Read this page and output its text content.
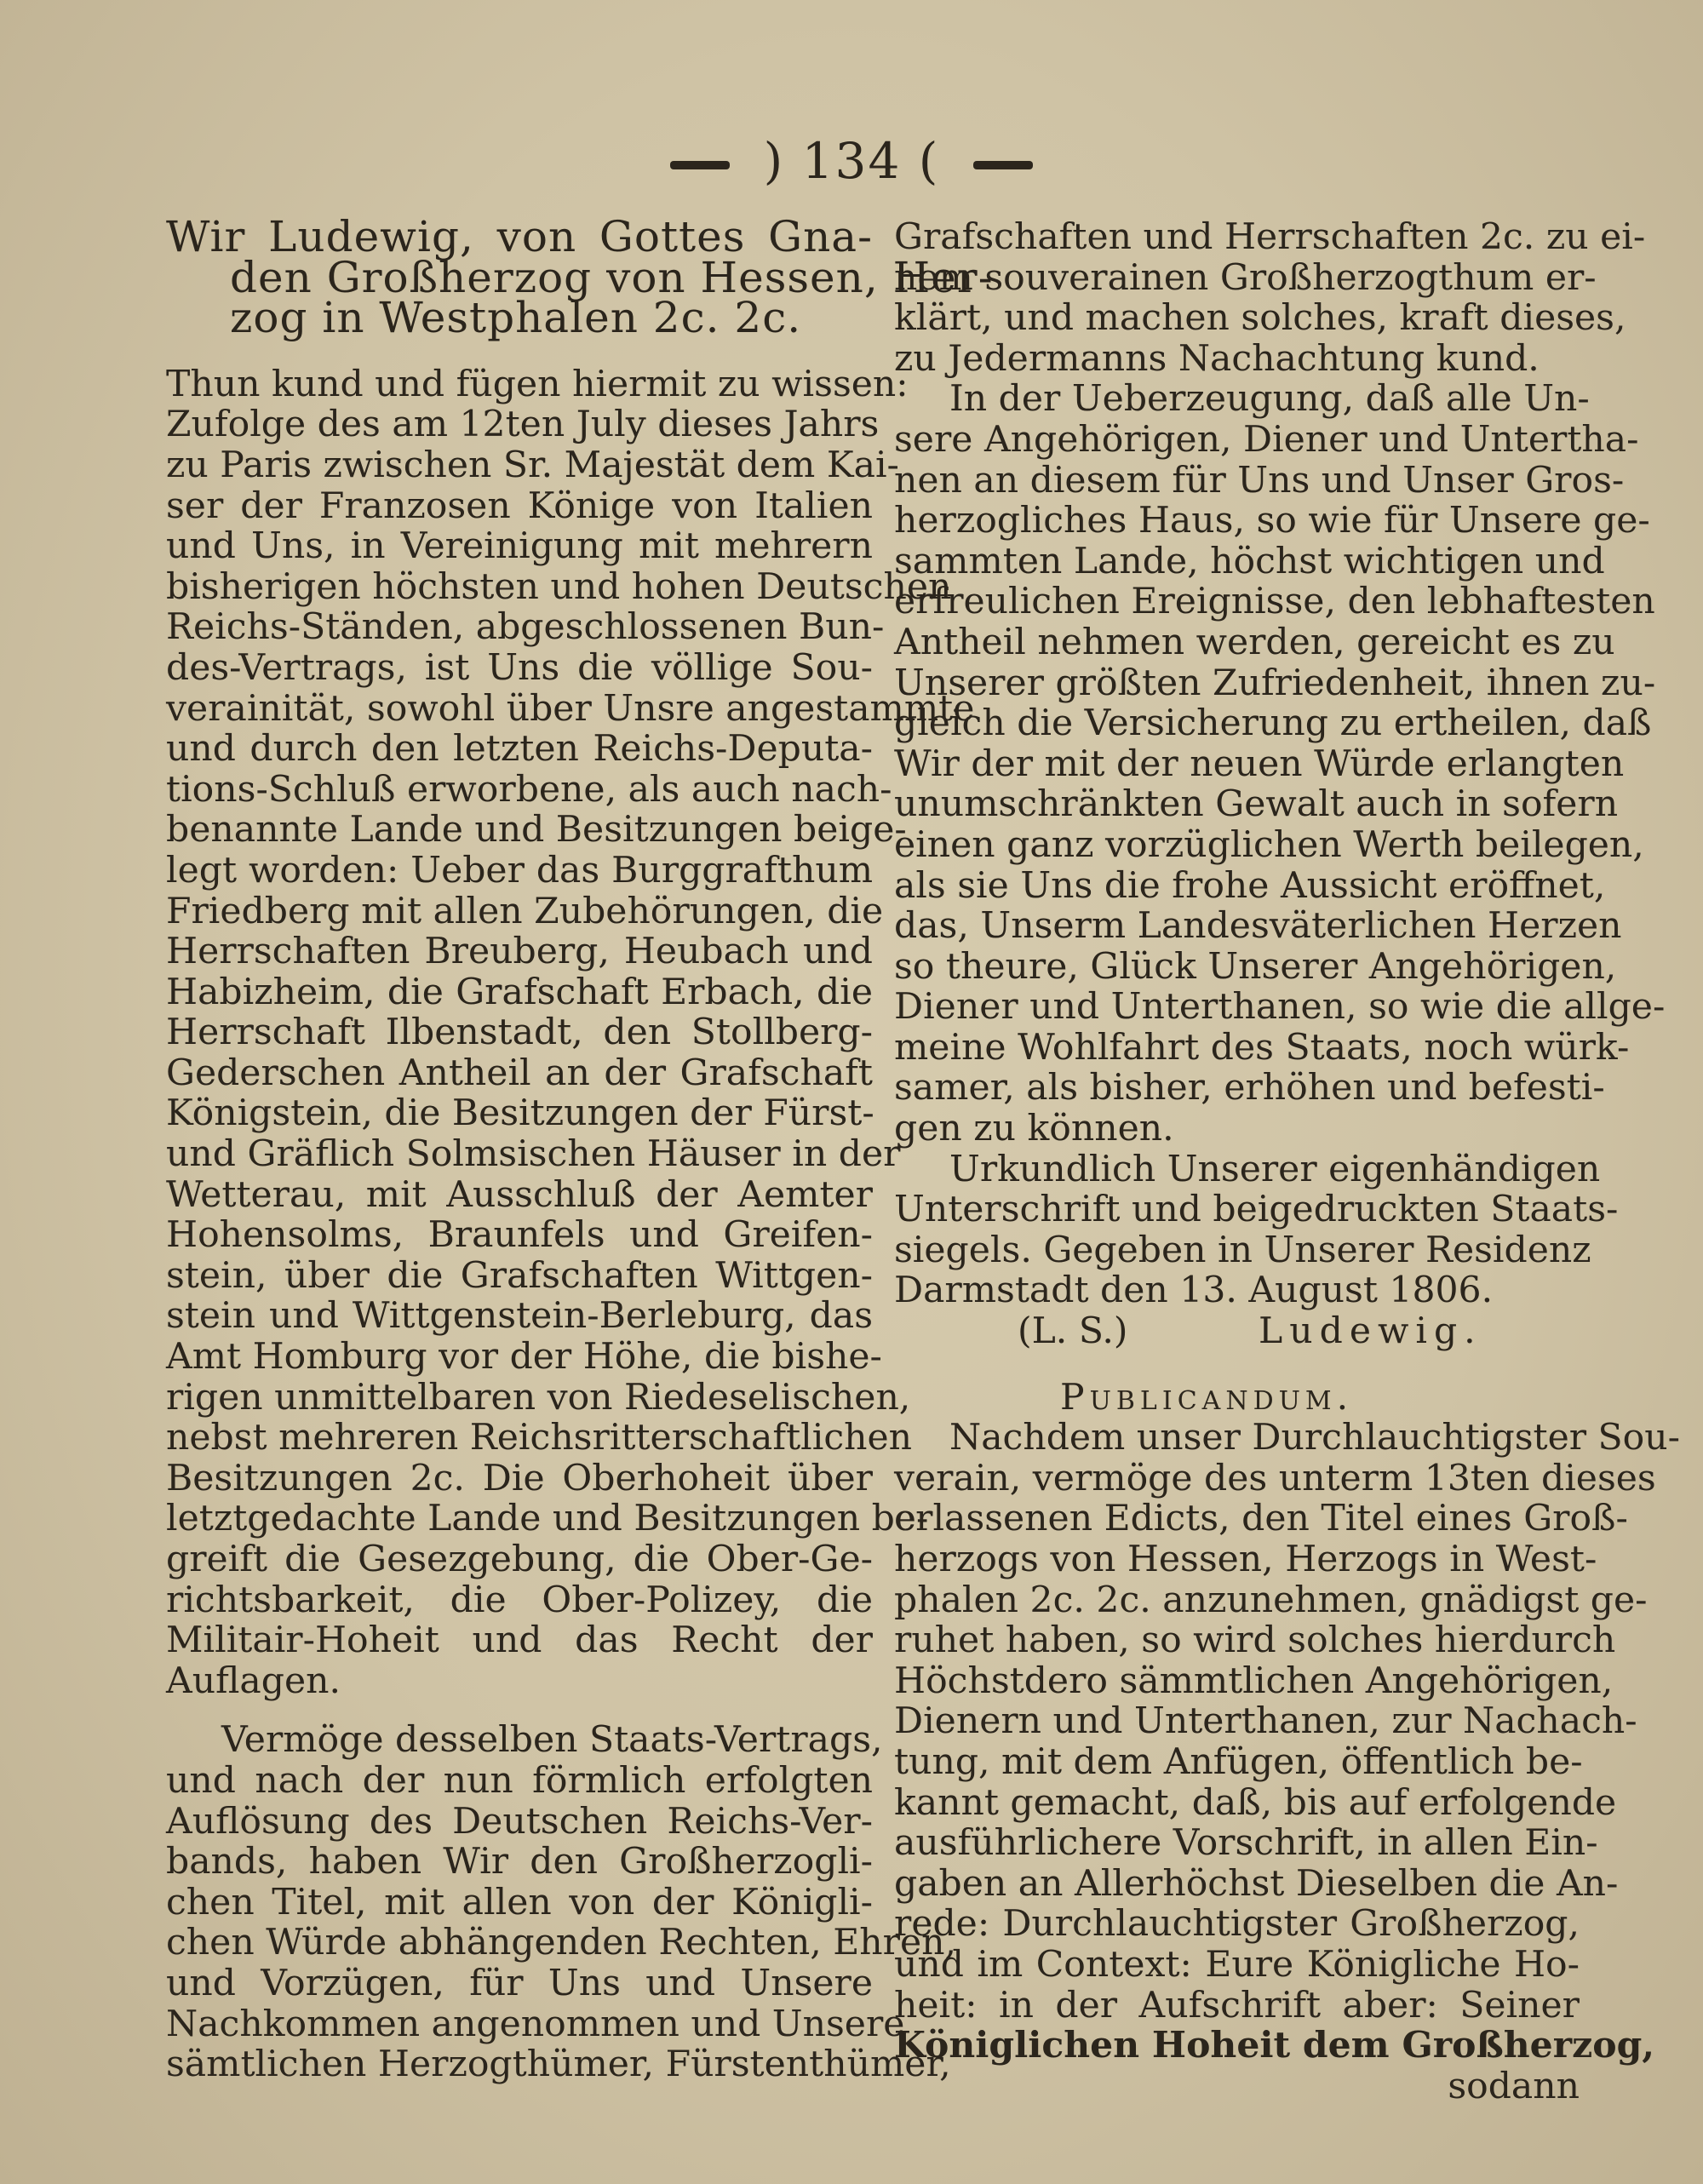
) 134 (
Wir Ludewig, von Gottes Gna-
den Großherzog von Hessen, Her-
zog in Westphalen 2c. 2c.
Thun kund und fügen hiermit zu wissen:
Zufolge des am 12ten July dieses Jahrs
zu Paris zwischen Sr. Majestät dem Kai-
ser der Franzosen Könige von Italien
und Uns, in Vereinigung mit mehrern
bisherigen höchsten und hohen Deutschen
Reichs-Ständen, abgeschlossenen Bun-
des-Vertrags, ist Uns die völlige Sou-
verainität, sowohl über Unsre angestammte
und durch den letzten Reichs-Deputa-
tions-Schluß erworbene, als auch nach-
benannte Lande und Besitzungen beige-
legt worden: Ueber das Burggrafthum
Friedberg mit allen Zubehörungen, die
Herrschaften Breuberg, Heubach und
Habizheim, die Grafschaft Erbach, die
Herrschaft Ilbenstadt, den Stollberg-
Gederschen Antheil an der Grafschaft
Königstein, die Besitzungen der Fürst-
und Gräflich Solmsischen Häuser in der
Wetterau, mit Ausschluß der Aemter
Hohensolms, Braunfels und Greifen-
stein, über die Grafschaften Wittgen-
stein und Wittgenstein-Berleburg, das
Amt Homburg vor der Höhe, die bishe-
rigen unmittelbaren von Riedeselischen,
nebst mehreren Reichsritterschaftlichen
Besitzungen 2c. Die Oberhoheit über
letztgedachte Lande und Besitzungen be-
greift die Gesezgebung, die Ober-Ge-
richtsbarkeit, die Ober-Polizey, die
Militair-Hoheit und das Recht der
Auflagen.
Vermöge desselben Staats-Vertrags,
und nach der nun förmlich erfolgten
Auflösung des Deutschen Reichs-Ver-
bands, haben Wir den Großherzogli-
chen Titel, mit allen von der Königli-
chen Würde abhängenden Rechten, Ehren,
und Vorzügen, für Uns und Unsere
Nachkommen angenommen und Unsere
sämtlichen Herzogthümer, Fürstenthümer,
Grafschaften und Herrschaften 2c. zu ei-
nem souverainen Großherzogthum er-
klärt, und machen solches, kraft dieses,
zu Jedermanns Nachachtung kund.
In der Ueberzeugung, daß alle Un-
sere Angehörigen, Diener und Untertha-
nen an diesem für Uns und Unser Gros-
herzogliches Haus, so wie für Unsere ge-
sammten Lande, höchst wichtigen und
erfreulichen Ereignisse, den lebhaftesten
Antheil nehmen werden, gereicht es zu
Unserer größten Zufriedenheit, ihnen zu-
gleich die Versicherung zu ertheilen, daß
Wir der mit der neuen Würde erlangten
unumschränkten Gewalt auch in sofern
einen ganz vorzüglichen Werth beilegen,
als sie Uns die frohe Aussicht eröffnet,
das, Unserm Landesväterlichen Herzen
so theure, Glück Unserer Angehörigen,
Diener und Unterthanen, so wie die allge-
meine Wohlfahrt des Staats, noch würk-
samer, als bisher, erhöhen und befesti-
gen zu können.
Urkundlich Unserer eigenhändigen
Unterschrift und beigedruckten Staats-
siegels. Gegeben in Unserer Residenz
Darmstadt den 13. August 1806.
(L. S.)	Ludewig.
Publicandum.
Nachdem unser Durchlauchtigster Sou-
verain, vermöge des unterm 13ten dieses
erlassenen Edicts, den Titel eines Groß-
herzogs von Hessen, Herzogs in West-
phalen 2c. 2c. anzunehmen, gnädigst ge-
ruhet haben, so wird solches hierdurch
Höchstdero sämmtlichen Angehörigen,
Dienern und Unterthanen, zur Nachach-
tung, mit dem Anfügen, öffentlich be-
kannt gemacht, daß, bis auf erfolgende
ausführlichere Vorschrift, in allen Ein-
gaben an Allerhöchst Dieselben die An-
rede: Durchlauchtigster Großherzog,
und im Context: Eure Königliche Ho-
heit: in der Aufschrift aber: Seiner
Königlichen Hoheit dem Großherzog,
sodann
